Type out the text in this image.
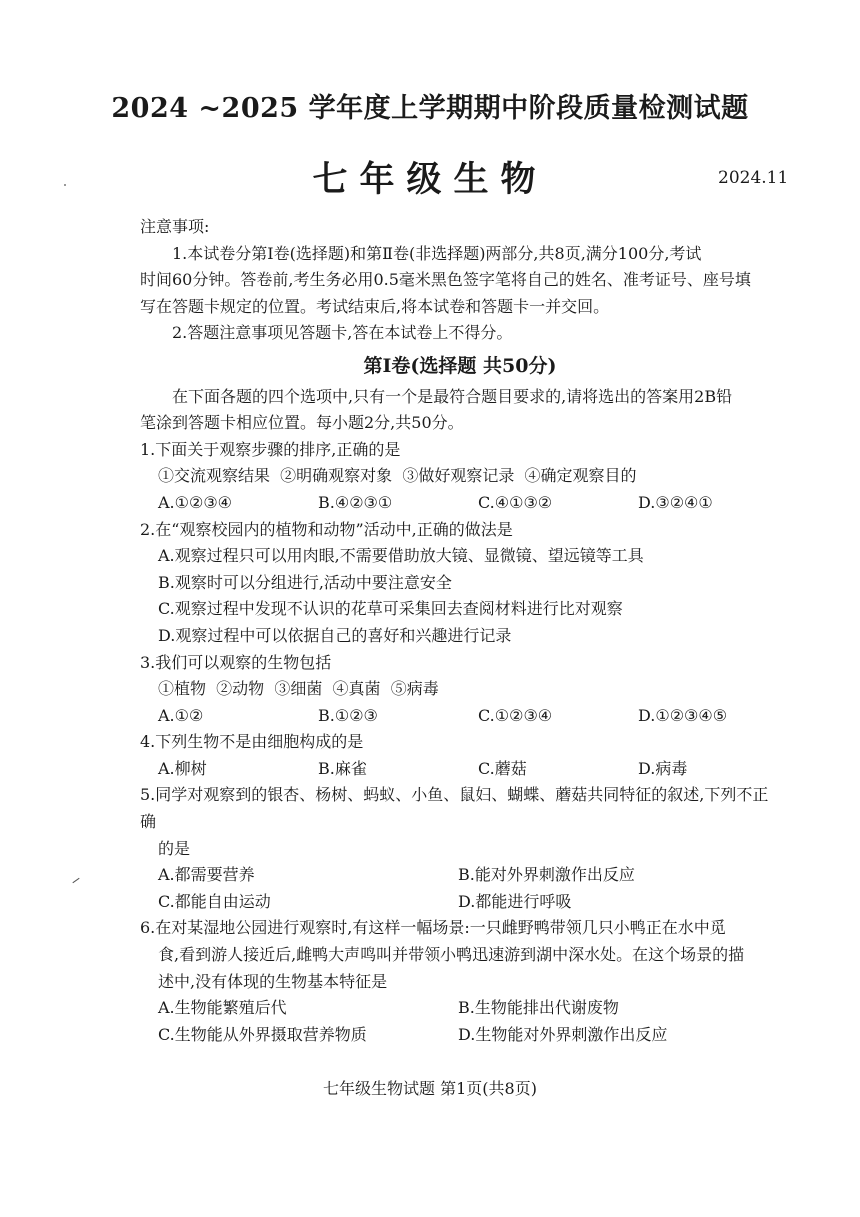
2024 ~2025 学年度上学期期中阶段质量检测试题
七年级生物	2024.11

注意事项:

1.本试卷分第Ⅰ卷(选择题)和第Ⅱ卷(非选择题)两部分,共8页,满分100分,考试

时间60分钟。答卷前,考生务必用0.5毫米黑色签字笔将自己的姓名、准考证号、座号填

写在答题卡规定的位置。考试结束后,将本试卷和答题卡一并交回。

2.答题注意事项见答题卡,答在本试卷上不得分。

第Ⅰ卷(选择题 共50分)

在下面各题的四个选项中,只有一个是最符合题目要求的,请将选出的答案用2B铅

笔涂到答题卡相应位置。每小题2分,共50分。

1.下面关于观察步骤的排序,正确的是

①交流观察结果  ②明确观察对象  ③做好观察记录  ④确定观察目的

A.①②③④	B.④②③①	C.④①③②	D.③②④①

2.在“观察校园内的植物和动物”活动中,正确的做法是

A.观察过程只可以用肉眼,不需要借助放大镜、显微镜、望远镜等工具

B.观察时可以分组进行,活动中要注意安全

C.观察过程中发现不认识的花草可采集回去查阅材料进行比对观察

D.观察过程中可以依据自己的喜好和兴趣进行记录

3.我们可以观察的生物包括

①植物  ②动物  ③细菌  ④真菌  ⑤病毒

A.①②	B.①②③	C.①②③④	D.①②③④⑤

4.下列生物不是由细胞构成的是

A.柳树	B.麻雀	C.蘑菇	D.病毒

5.同学对观察到的银杏、杨树、蚂蚁、小鱼、鼠妇、蝴蝶、蘑菇共同特征的叙述,下列不正确

的是

A.都需要营养	B.能对外界刺激作出反应
C.都能自由运动	D.都能进行呼吸

6.在对某湿地公园进行观察时,有这样一幅场景:一只雌野鸭带领几只小鸭正在水中觅

食,看到游人接近后,雌鸭大声鸣叫并带领小鸭迅速游到湖中深水处。在这个场景的描

述中,没有体现的生物基本特征是

A.生物能繁殖后代	B.生物能排出代谢废物
C.生物能从外界摄取营养物质	D.生物能对外界刺激作出反应
七年级生物试题 第1页(共8页)
